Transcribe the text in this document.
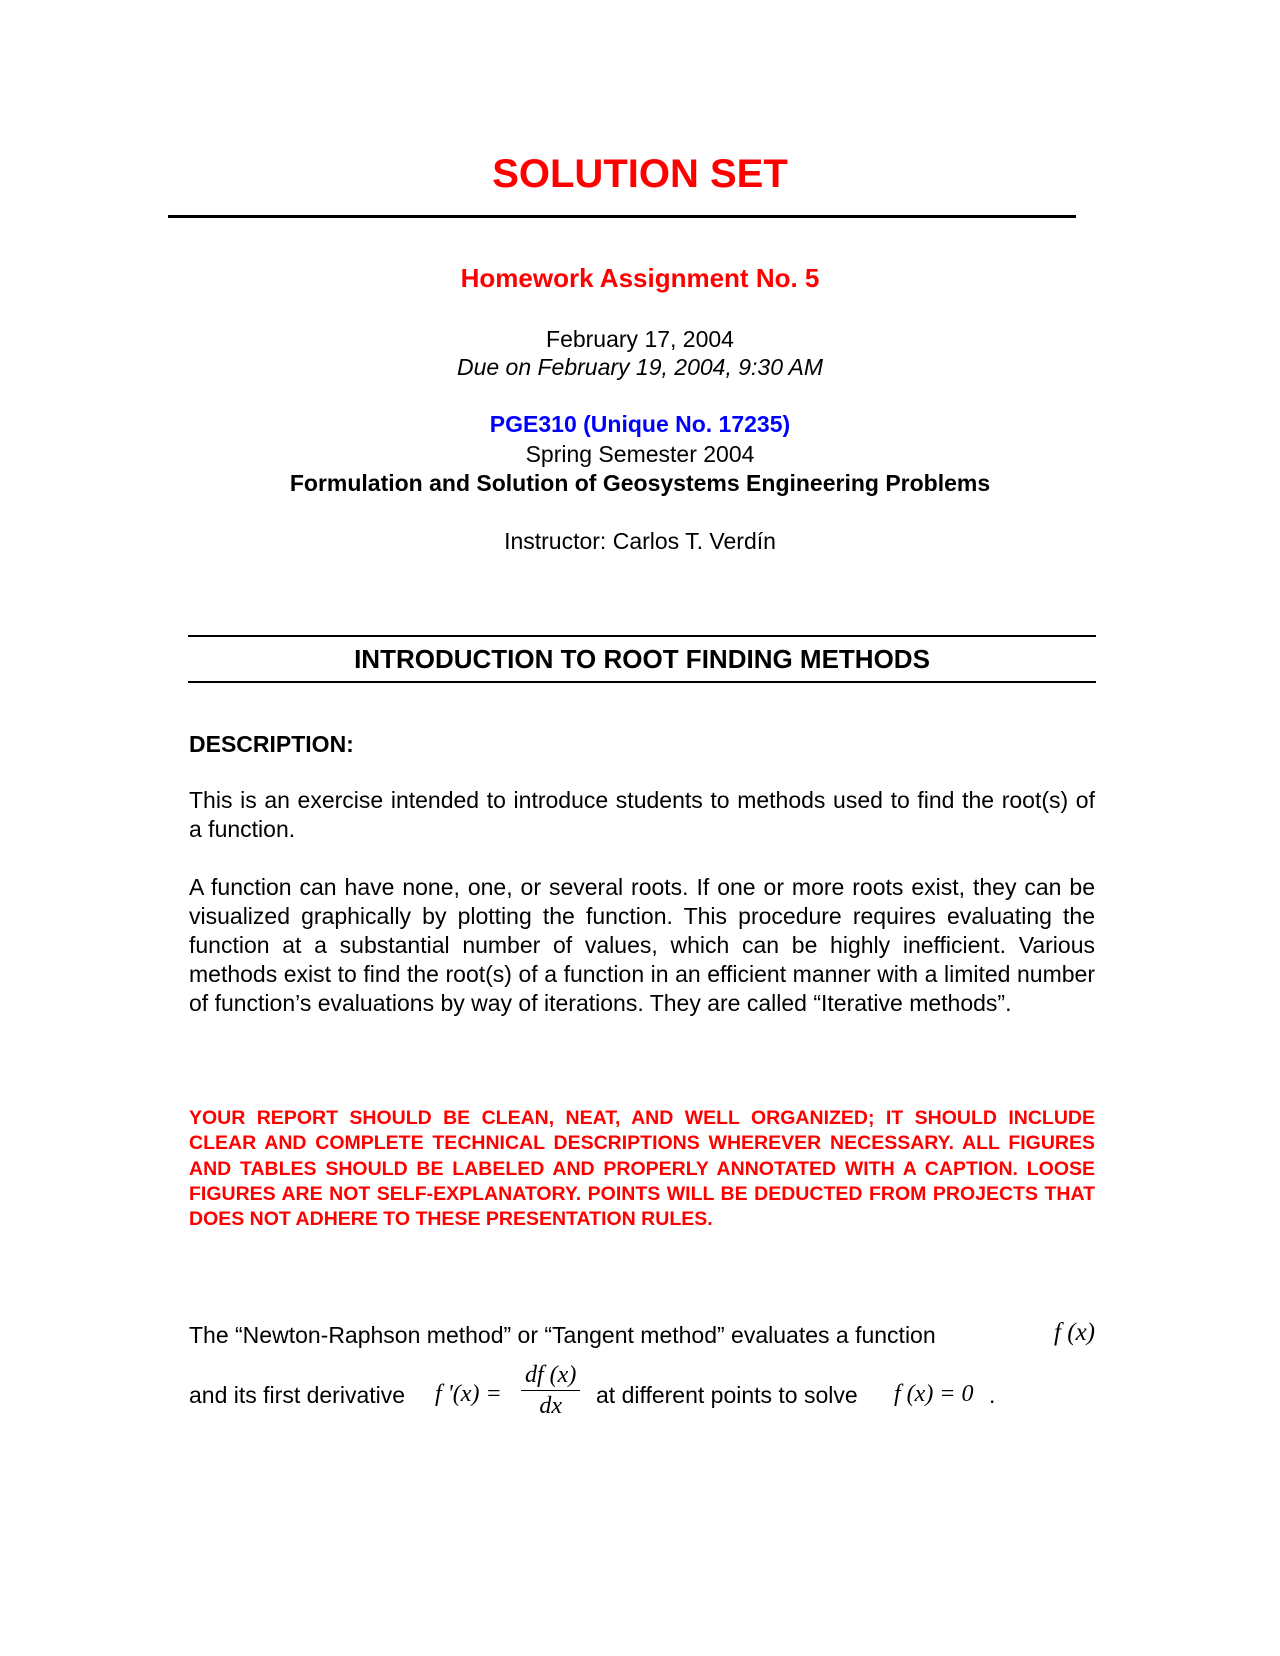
SOLUTION SET
Homework Assignment No. 5
February 17, 2004
Due on February 19, 2004, 9:30 AM
PGE310 (Unique No. 17235)
Spring Semester 2004
Formulation and Solution of Geosystems Engineering Problems
Instructor: Carlos T. Verdín
INTRODUCTION TO ROOT FINDING METHODS
DESCRIPTION:
This is an exercise intended to introduce students to methods used to find the root(s) of a function.
A function can have none, one, or several roots. If one or more roots exist, they can be visualized graphically by plotting the function. This procedure requires evaluating the function at a substantial number of values, which can be highly inefficient. Various methods exist to find the root(s) of a function in an efficient manner with a limited number of function’s evaluations by way of iterations. They are called “Iterative methods”.
YOUR REPORT SHOULD BE CLEAN, NEAT, AND WELL ORGANIZED; IT SHOULD INCLUDE CLEAR AND COMPLETE TECHNICAL DESCRIPTIONS WHEREVER NECESSARY. ALL FIGURES AND TABLES SHOULD BE LABELED AND PROPERLY ANNOTATED WITH A CAPTION. LOOSE FIGURES ARE NOT SELF-EXPLANATORY. POINTS WILL BE DEDUCTED FROM PROJECTS THAT DOES NOT ADHERE TO THESE PRESENTATION RULES.
The “Newton-Raphson method” or “Tangent method” evaluates a function	f (x)
and its first derivative f '$(x) = \frac{df (x)}{dx}$ at different points to solve f (x) = 0 .
